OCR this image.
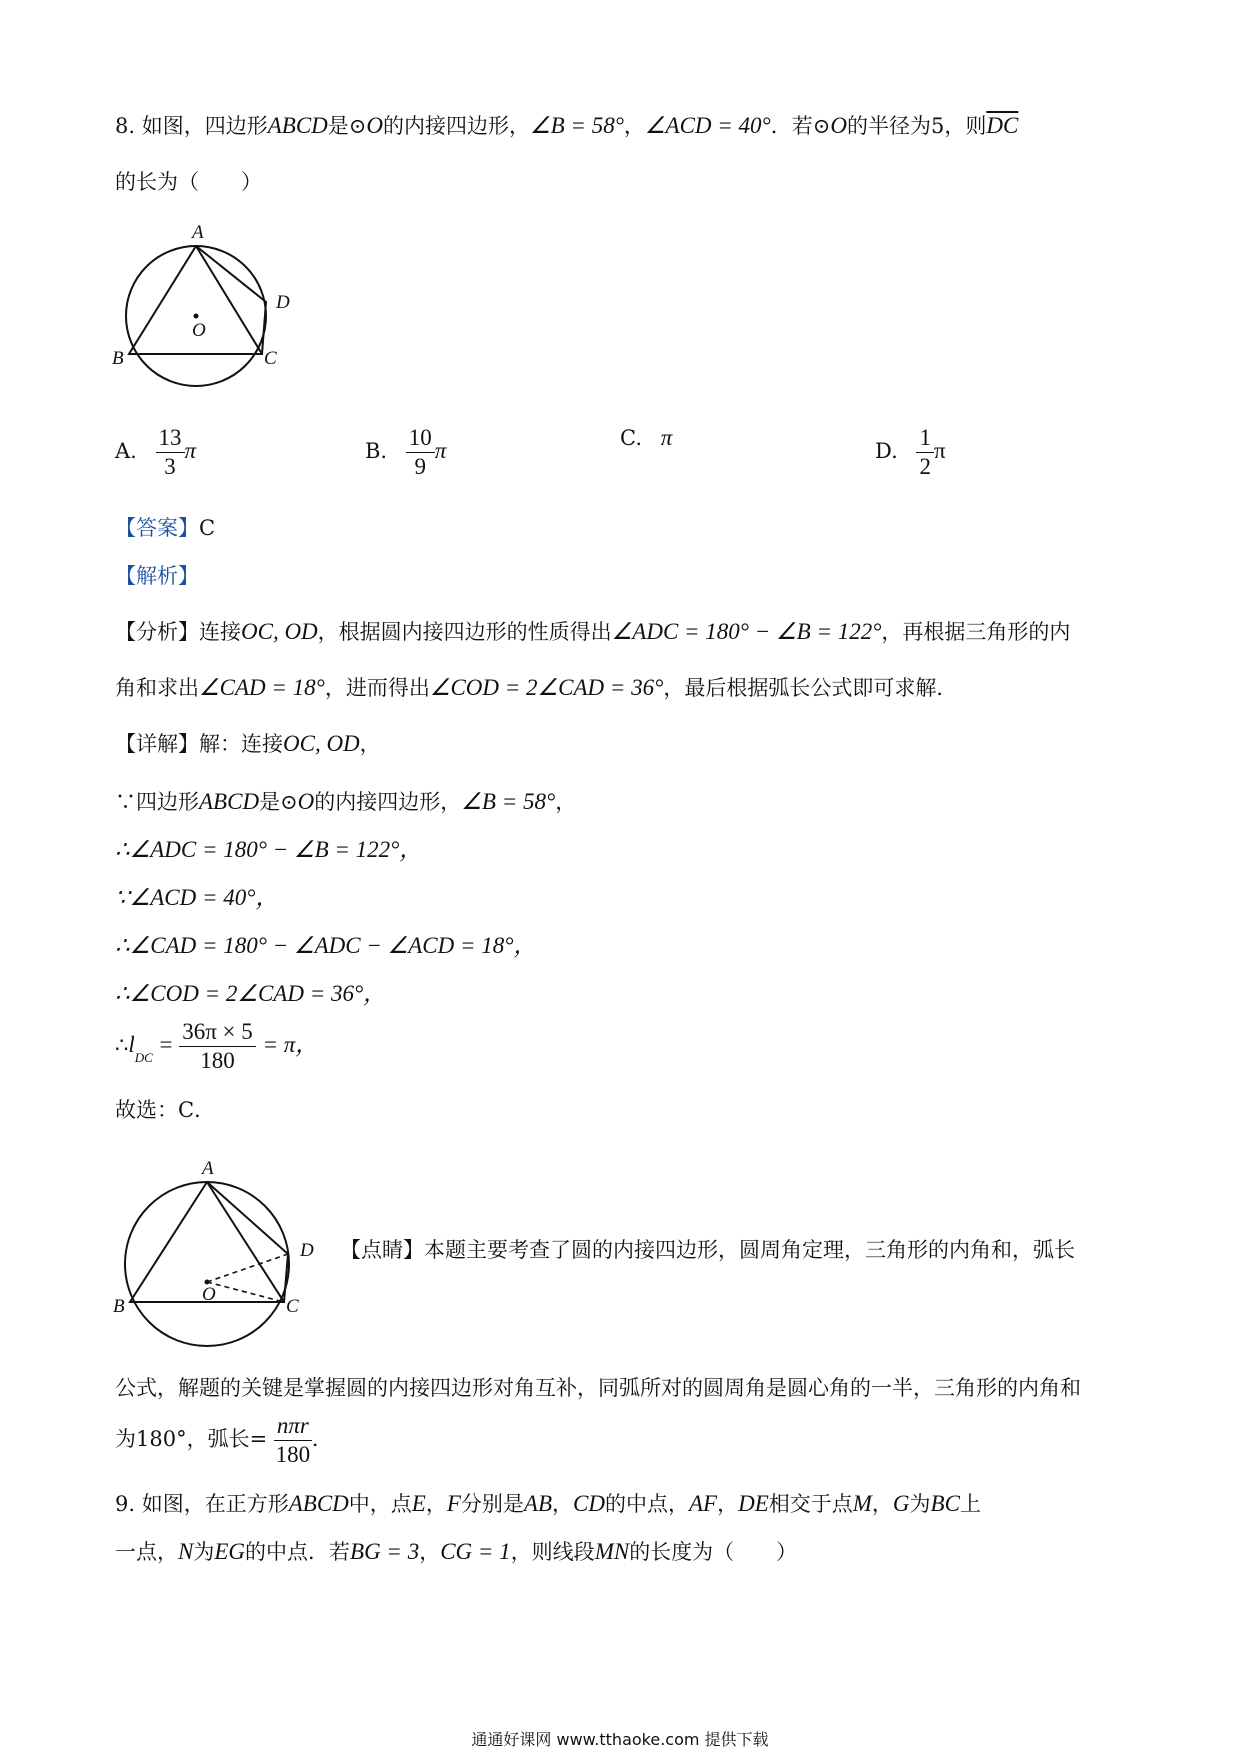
8. 如图，四边形ABCD是⊙O的内接四边形，∠B = 58°，∠ACD = 40°．若⊙O的半径为5，则$\overline{DC}$
的长为（　　）
A
B	C
D
O
A. $\frac{13}{3}$ π	B. $\frac{10}{9}$ π	C. π
D. $\frac{1}{2}$ π
【答案】C
【解析】
【分析】连接OC, OD，根据圆内接四边形的性质得出∠ADC = 180° − ∠B = 122°，再根据三角形的内
角和求出∠CAD = 18°，进而得出∠COD = 2∠CAD = 36°，最后根据弧长公式即可求解．
【详解】解：连接OC, OD，
∵四边形ABCD是⊙O的内接四边形，∠B = 58°，
∴∠ADC = 180° − ∠B = 122°，
∵∠ACD = 40°，
∴∠CAD = 180° − ∠ADC − ∠ACD = 18°，
∴∠COD = 2∠CAD = 36°，
$\therefore l_{DC} = \frac{36\pi \times 5}{180} = \pi$，
故选：C．
A
B	C
D
O
【点睛】本题主要考查了圆的内接四边形，圆周角定理，三角形的内角和，弧长
公式，解题的关键是掌握圆的内接四边形对角互补，同弧所对的圆周角是圆心角的一半，三角形的内角和
为180°，弧长= $\frac{\text{nπr}}{180}$ ．
9. 如图，在正方形ABCD中，点E，F分别是AB，CD的中点，AF，DE相交于点M，G为BC上
一点，N为EG的中点．若BG = 3，CG = 1，则线段MN的长度为（　　）
通通好课网 www.tthaoke.com 提供下载
